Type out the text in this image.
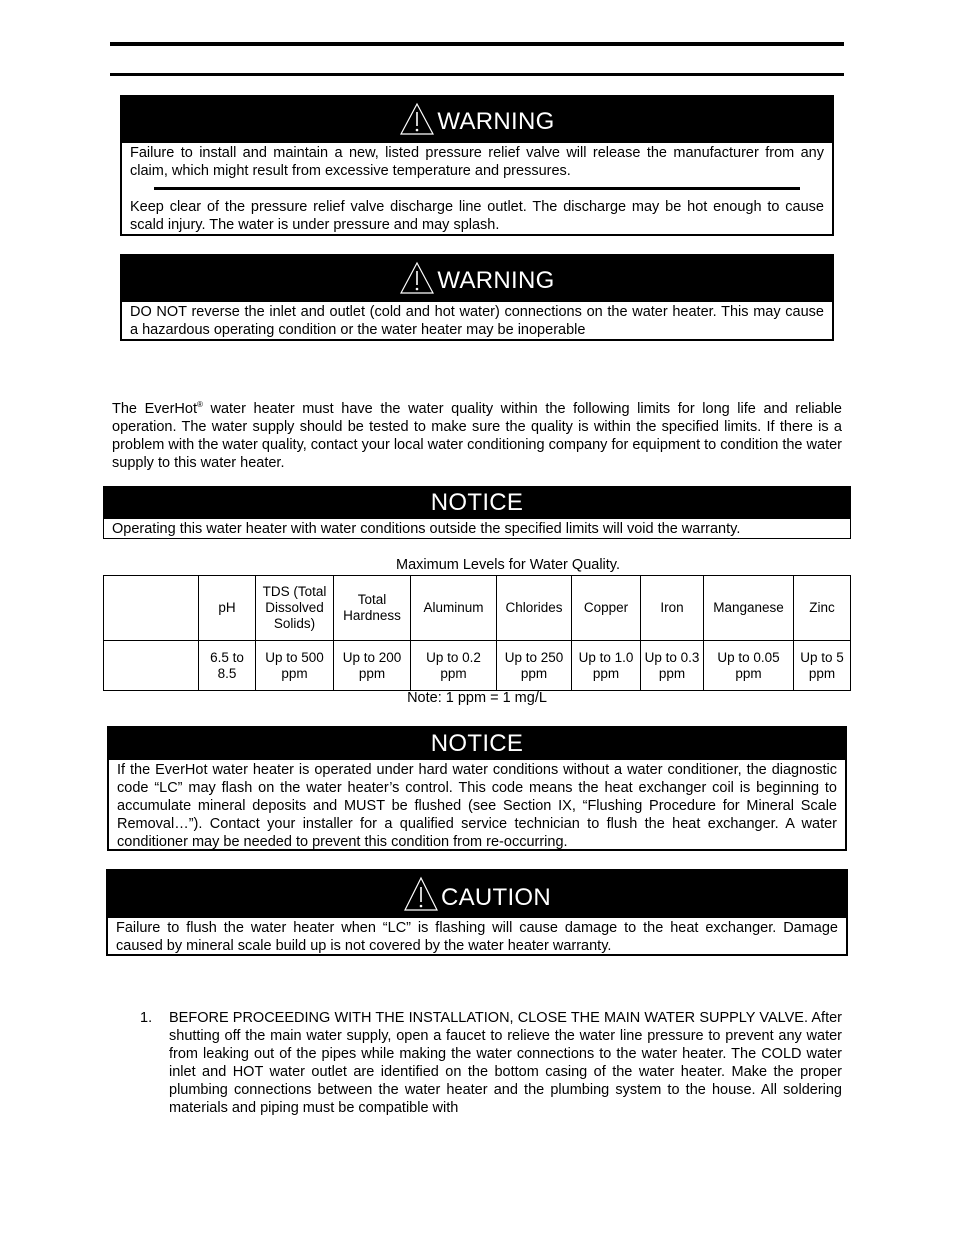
WARNING
Failure to install and maintain a new, listed pressure relief valve will release the manufacturer from any claim, which might result from excessive temperature and pressures.
Keep clear of the pressure relief valve discharge line outlet. The discharge may be hot enough to cause scald injury. The water is under pressure and may splash.
WARNING
DO NOT reverse the inlet and outlet (cold and hot water) connections on the water heater. This may cause a hazardous operating condition or the water heater may be inoperable
The EverHot® water heater must have the water quality within the following limits for long life and reliable operation. The water supply should be tested to make sure the quality is within the specified limits. If there is a problem with the water quality, contact your local water conditioning company for equipment to condition the water supply to this water heater.
NOTICE
Operating this water heater with water conditions outside the specified limits will void the warranty.
Maximum Levels for Water Quality.
	pH	TDS (Total Dissolved Solids)	Total Hardness	Aluminum	Chlorides	Copper	Iron	Manganese	Zinc
	6.5 to 8.5	Up to 500 ppm	Up to 200 ppm	Up to 0.2 ppm	Up to 250 ppm	Up to 1.0 ppm	Up to 0.3 ppm	Up to 0.05 ppm	Up to 5 ppm
Note: 1 ppm = 1 mg/L
NOTICE
If the EverHot water heater is operated under hard water conditions without a water conditioner, the diagnostic code “LC” may flash on the water heater’s control. This code means the heat exchanger coil is beginning to accumulate mineral deposits and MUST be flushed (see Section IX, “Flushing Procedure for Mineral Scale Removal…”). Contact your installer for a qualified service technician to flush the heat exchanger. A water conditioner may be needed to prevent this condition from re-occurring.
CAUTION
Failure to flush the water heater when “LC” is flashing will cause damage to the heat exchanger. Damage caused by mineral scale build up is not covered by the water heater warranty.
1. BEFORE PROCEEDING WITH THE INSTALLATION, CLOSE THE MAIN WATER SUPPLY VALVE. After shutting off the main water supply, open a faucet to relieve the water line pressure to prevent any water from leaking out of the pipes while making the water connections to the water heater. The COLD water inlet and HOT water outlet are identified on the bottom casing of the water heater. Make the proper plumbing connections between the water heater and the plumbing system to the house. All soldering materials and piping must be compatible with
